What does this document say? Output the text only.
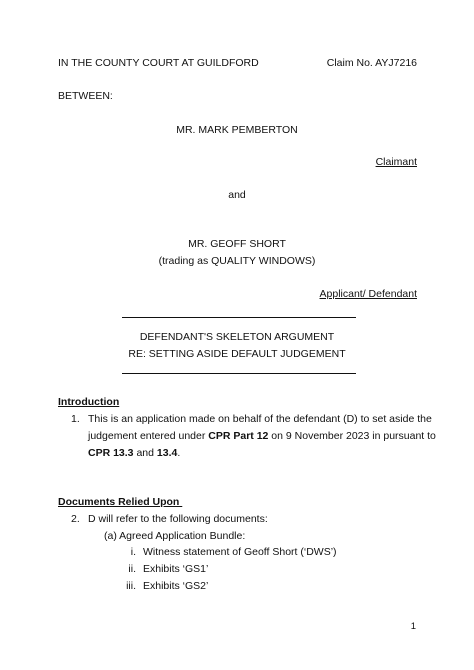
IN THE COUNTY COURT AT GUILDFORD	Claim No. AYJ7216
BETWEEN:
MR. MARK PEMBERTON
Claimant
and
MR. GEOFF SHORT
(trading as QUALITY WINDOWS)
Applicant/ Defendant
DEFENDANT'S SKELETON ARGUMENT
RE: SETTING ASIDE DEFAULT JUDGEMENT
Introduction
1. This is an application made on behalf of the defendant (D) to set aside the
judgement entered under CPR Part 12 on 9 November 2023 in pursuant to
CPR 13.3 and 13.4.
Documents Relied Upon
2. D will refer to the following documents:
(a) Agreed Application Bundle:
i. Witness statement of Geoff Short (‘DWS’)
ii. Exhibits ‘GS1’
iii. Exhibits ‘GS2’
1
